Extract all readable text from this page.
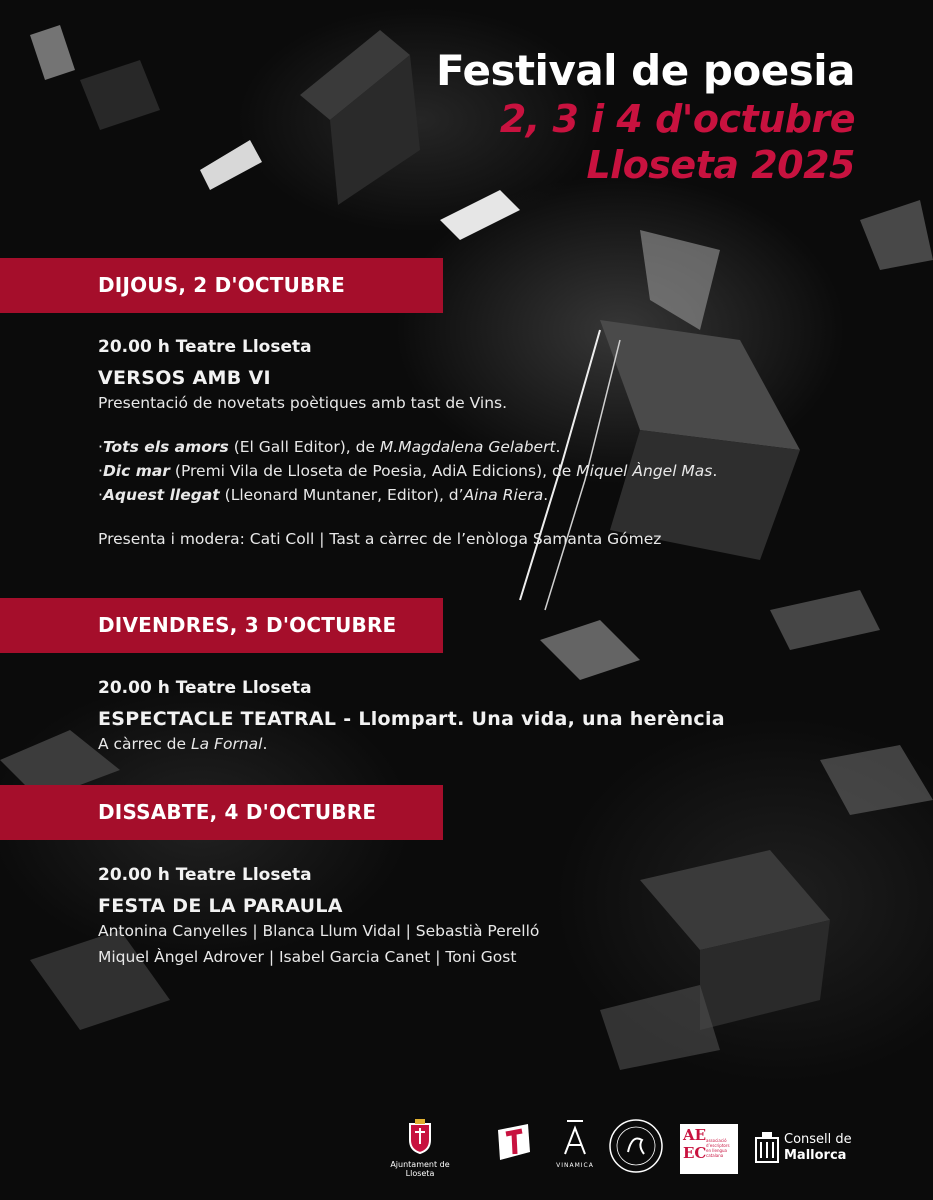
Festival de poesia
2, 3 i 4 d'octubre
Lloseta 2025
DIJOUS, 2 D'OCTUBRE
20.00 h Teatre Lloseta
VERSOS AMB VI
Presentació de novetats poètiques amb tast de Vins.
·Tots els amors (El Gall Editor), de M.Magdalena Gelabert.
·Dic mar (Premi Vila de Lloseta de Poesia, AdiA Edicions), de Miquel Àngel Mas.
·Aquest llegat (Lleonard Muntaner, Editor), d’Aina Riera.
Presenta i modera: Cati Coll | Tast a càrrec de l’enòloga Samanta Gómez
DIVENDRES, 3 D'OCTUBRE
20.00 h Teatre Lloseta
ESPECTACLE TEATRAL - Llompart. Una vida, una herència
A càrrec de La Fornal.
DISSABTE, 4 D'OCTUBRE
20.00 h Teatre Lloseta
FESTA DE LA PARAULA
Antonina Canyelles | Blanca Llum Vidal | Sebastià Perelló
Miquel Àngel Adrover | Isabel Garcia Canet | Toni Gost
Ajuntament de Lloseta
VINAMICA
AE
EC
associació d’escriptors
en llengua catalana
Consell de
Mallorca
